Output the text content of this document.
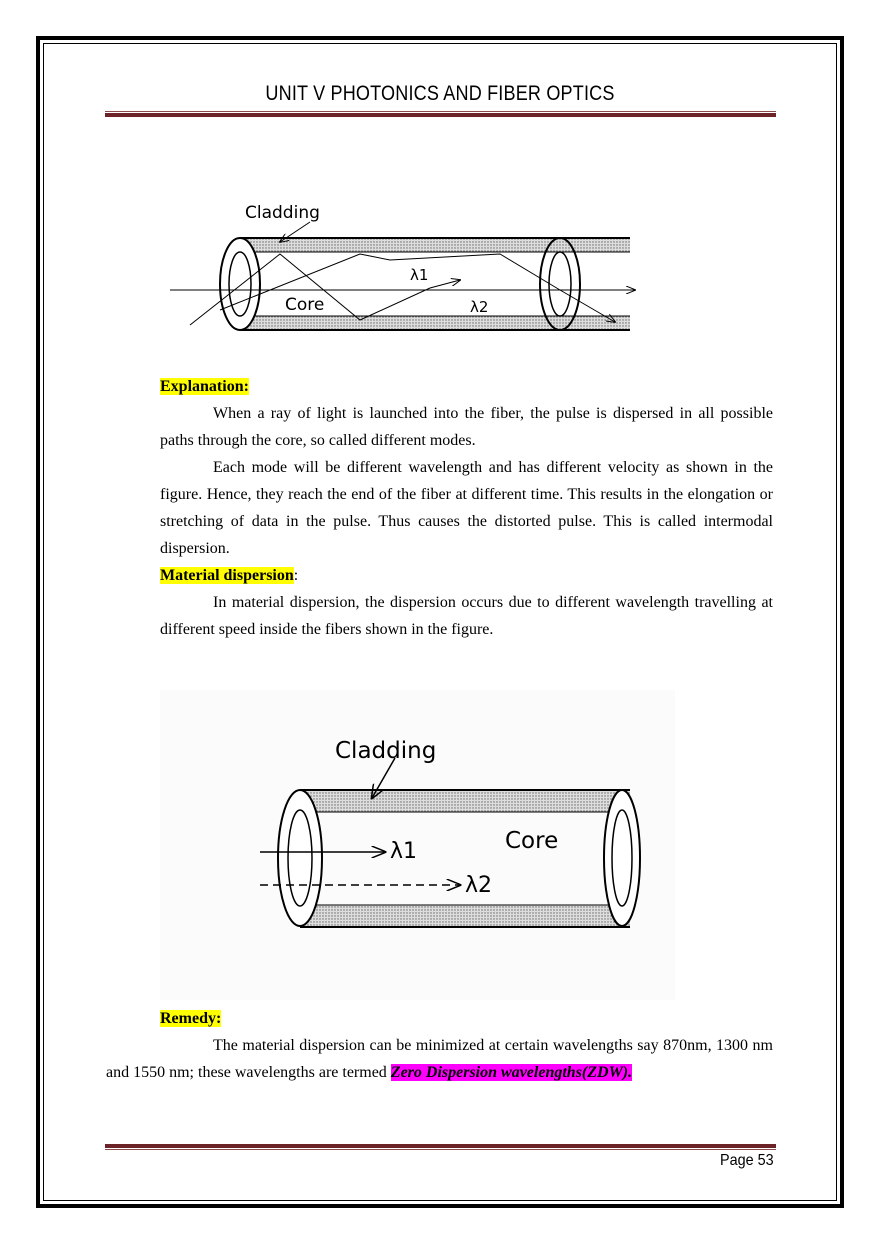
UNIT V PHOTONICS AND FIBER OPTICS
Cladding
Core
λ1
λ2
Explanation:
When a ray of light is launched into the fiber, the pulse is dispersed in all possible paths through the core, so called different modes.
Each mode will be different wavelength and has different velocity as shown in the figure. Hence, they reach the end of the fiber at different time. This results in the elongation or stretching of data in the pulse. Thus causes the distorted pulse. This is called intermodal dispersion.
Material dispersion:
In material dispersion, the dispersion occurs due to different wavelength travelling at different speed inside the fibers shown in the figure.
Cladding
Core
λ1
λ2
Remedy:
The material dispersion can be minimized at certain wavelengths say 870nm, 1300 nm and 1550 nm; these wavelengths are termed Zero Dispersion wavelengths(ZDW).
Page 53
